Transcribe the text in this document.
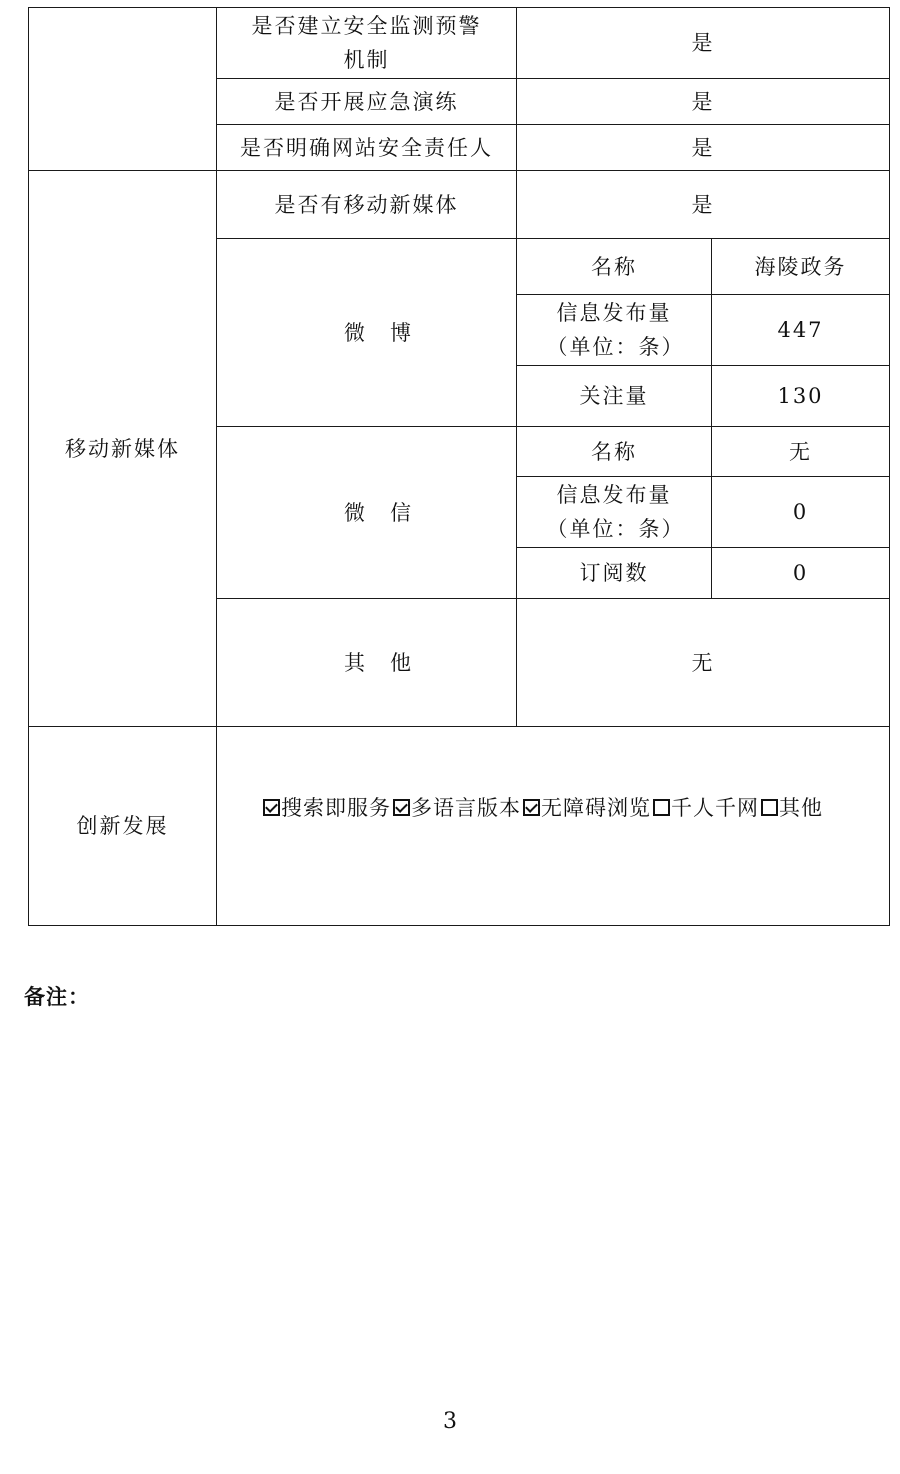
	是否建立安全监测预警机制	是	
	是否开展应急演练	是	
	是否明确网站安全责任人	是	
移动新媒体	是否有移动新媒体	是	
	微　博	名称	海陵政务
		信息发布量（单位：条）	447
		关注量	130
	微　信	名称	无
		信息发布量（单位：条）	0
		订阅数	0
	其　他	无	
创新发展	搜索即服务 多语言版本 无障碍浏览 千人千网 其他		
备注：
3
